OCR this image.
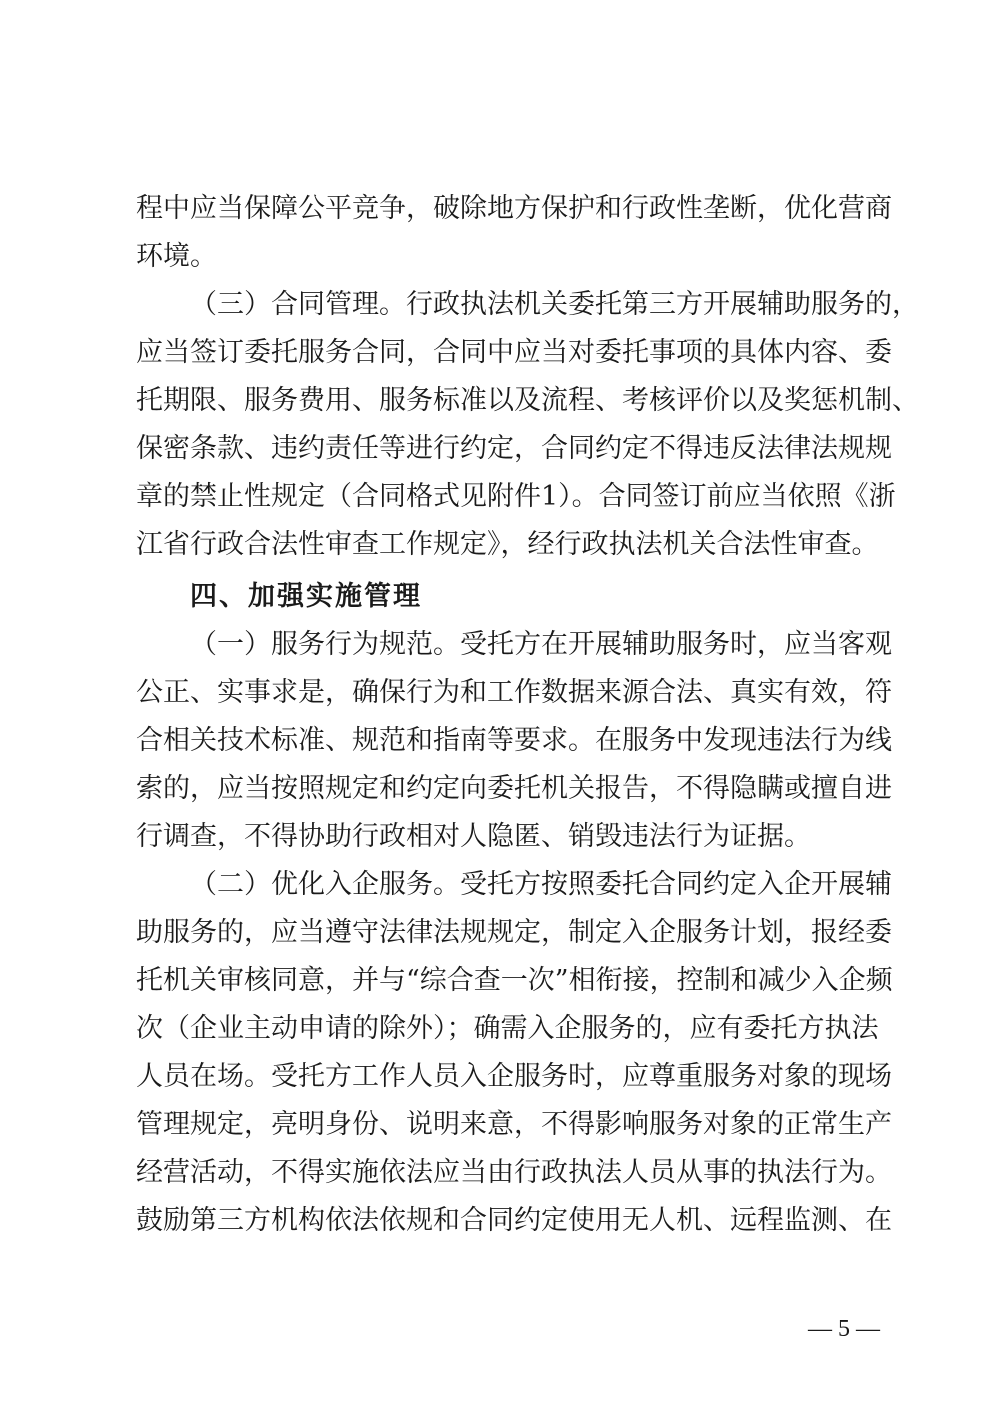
程中应当保障公平竞争，破除地方保护和行政性垄断，优化营商
环境。
（三）合同管理。行政执法机关委托第三方开展辅助服务的，
应当签订委托服务合同，合同中应当对委托事项的具体内容、委
托期限、服务费用、服务标准以及流程、考核评价以及奖惩机制、
保密条款、违约责任等进行约定，合同约定不得违反法律法规规
章的禁止性规定（合同格式见附件1）。合同签订前应当依照《浙
江省行政合法性审查工作规定》，经行政执法机关合法性审查。
四、加强实施管理
（一）服务行为规范。受托方在开展辅助服务时，应当客观
公正、实事求是，确保行为和工作数据来源合法、真实有效，符
合相关技术标准、规范和指南等要求。在服务中发现违法行为线
索的，应当按照规定和约定向委托机关报告，不得隐瞒或擅自进
行调查，不得协助行政相对人隐匿、销毁违法行为证据。
（二）优化入企服务。受托方按照委托合同约定入企开展辅
助服务的，应当遵守法律法规规定，制定入企服务计划，报经委
托机关审核同意，并与“综合查一次”相衔接，控制和减少入企频
次（企业主动申请的除外）；确需入企服务的，应有委托方执法
人员在场。受托方工作人员入企服务时，应尊重服务对象的现场
管理规定，亮明身份、说明来意，不得影响服务对象的正常生产
经营活动，不得实施依法应当由行政执法人员从事的执法行为。
鼓励第三方机构依法依规和合同约定使用无人机、远程监测、在
— 5 —
